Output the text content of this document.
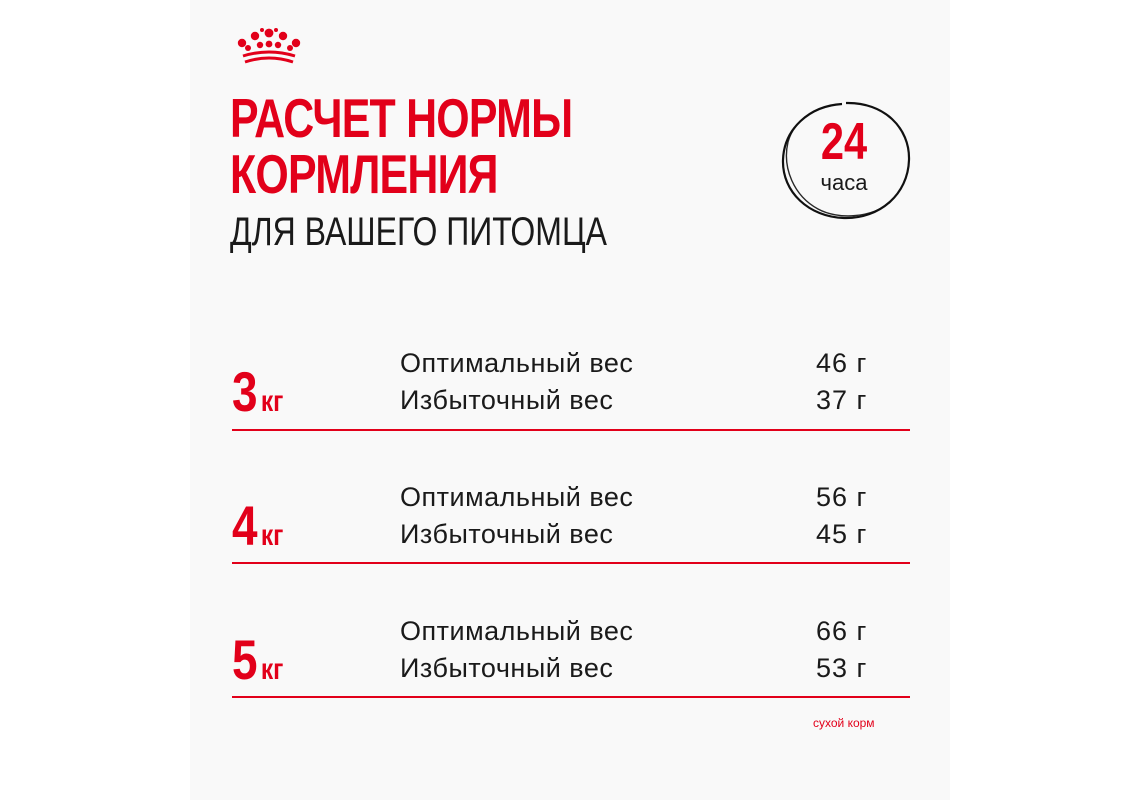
РАСЧЕТ НОРМЫ
КОРМЛЕНИЯ
ДЛЯ ВАШЕГО ПИТОМЦА
24
часа
3 кг
Оптимальный вес	46 г
Избыточный вес	37 г
4 кг
Оптимальный вес	56 г
Избыточный вес	45 г
5 кг
Оптимальный вес	66 г
Избыточный вес	53 г
сухой корм
